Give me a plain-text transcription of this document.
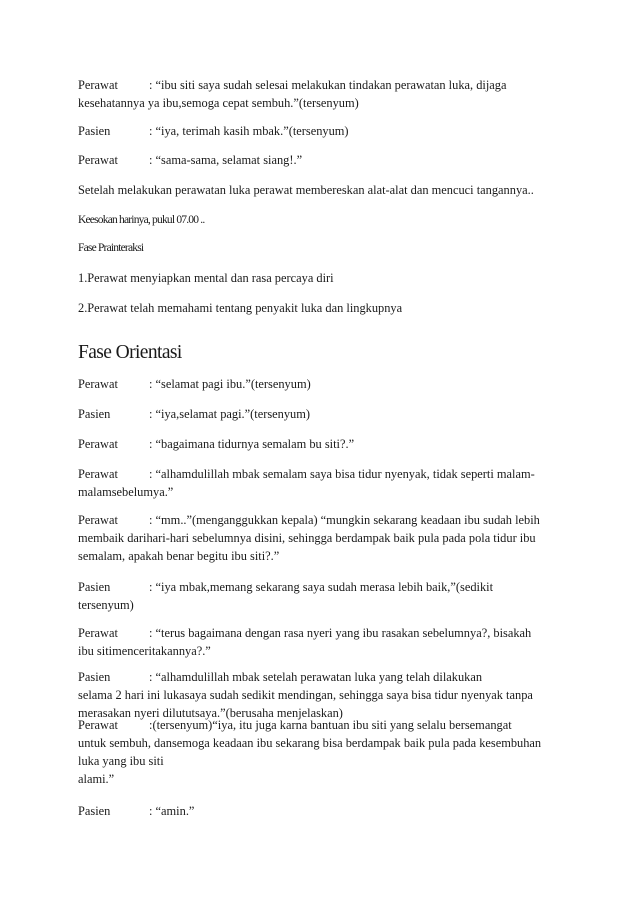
Perawat	: “ibu siti saya sudah selesai melakukan tindakan perawatan luka, dijaga
kesehatannya ya ibu,semoga cepat sembuh.”(tersenyum)
Pasien	: “iya, terimah kasih mbak.”(tersenyum)
Perawat	: “sama-sama, selamat siang!.”
Setelah melakukan perawatan luka perawat membereskan alat-alat dan mencuci tangannya..
Keesokan harinya, pukul 07.00 ..
Fase Prainteraksi
1.Perawat menyiapkan mental dan rasa percaya diri
2.Perawat telah memahami tentang penyakit luka dan lingkupnya
Fase Orientasi
Perawat	: “selamat pagi ibu.”(tersenyum)
Pasien	: “iya,selamat pagi.”(tersenyum)
Perawat	: “bagaimana tidurnya semalam bu siti?.”
Perawat	: “alhamdulillah mbak semalam saya bisa tidur nyenyak, tidak seperti malam-
malamsebelumya.”
Perawat	: “mm..”(menganggukkan kepala) “mungkin sekarang keadaan ibu sudah lebih
membaik darihari-hari sebelumnya disini, sehingga berdampak baik pula pada pola tidur ibu
semalam, apakah benar begitu ibu siti?.”
Pasien	: “iya mbak,memang sekarang saya sudah merasa lebih baik,”(sedikit
tersenyum)
Perawat	: “terus bagaimana dengan rasa nyeri yang ibu rasakan sebelumnya?, bisakah
ibu sitimenceritakannya?.”
Pasien	: “alhamdulillah mbak setelah perawatan luka yang telah dilakukan
selama 2 hari ini lukasaya sudah sedikit mendingan, sehingga saya bisa tidur nyenyak tanpa
merasakan nyeri dilututsaya.”(berusaha menjelaskan)
Perawat	:(tersenyum)“iya, itu juga karna bantuan ibu siti yang selalu bersemangat
untuk sembuh, dansemoga keadaan ibu sekarang bisa berdampak baik pula pada kesembuhan
luka yang ibu siti
alami.”
Pasien	: “amin.”
